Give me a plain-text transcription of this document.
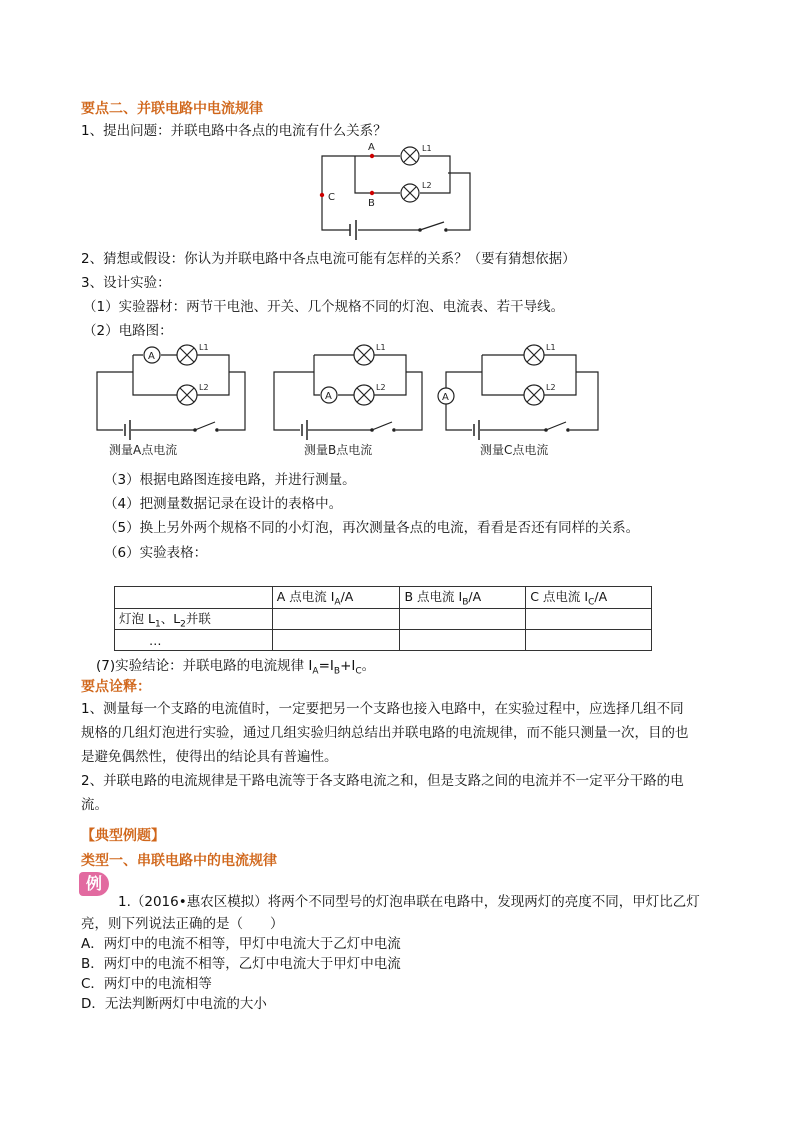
要点二、并联电路中电流规律
1、提出问题：并联电路中各点的电流有什么关系？
A
B
C
L1
L2
2、猜想或假设：你认为并联电路中各点电流可能有怎样的关系？（要有猜想依据）
3、设计实验：
（1）实验器材：两节干电池、开关、几个规格不同的灯泡、电流表、若干导线。
（2）电路图：
A
L1
L2
测量A点电流
A
L1
L2
测量B点电流
A
L1
L2
测量C点电流
（3）根据电路图连接电路，并进行测量。
（4）把测量数据记录在设计的表格中。
（5）换上另外两个规格不同的小灯泡，再次测量各点的电流，看看是否还有同样的关系。
（6）实验表格：
	A 点电流 $I_A/A$	B 点电流 $I_B/A$	C 点电流 $I_C/A$
灯泡 $L_1$、$L_2$并联			
…			
(7)实验结论：并联电路的电流规律 $I_A=I_B+I_C$。
要点诠释：
1、测量每一个支路的电流值时，一定要把另一个支路也接入电路中，在实验过程中，应选择几组不同
规格的几组灯泡进行实验，通过几组实验归纳总结出并联电路的电流规律，而不能只测量一次，目的也
是避免偶然性，使得出的结论具有普遍性。
2、并联电路的电流规律是干路电流等于各支路电流之和，但是支路之间的电流并不一定平分干路的电
流。
【典型例题】
类型一、串联电路中的电流规律
例
1.（2016•惠农区模拟）将两个不同型号的灯泡串联在电路中，发现两灯的亮度不同，甲灯比乙灯
亮，则下列说法正确的是（　　）
A．两灯中的电流不相等，甲灯中电流大于乙灯中电流
B．两灯中的电流不相等，乙灯中电流大于甲灯中电流
C．两灯中的电流相等
D．无法判断两灯中电流的大小
